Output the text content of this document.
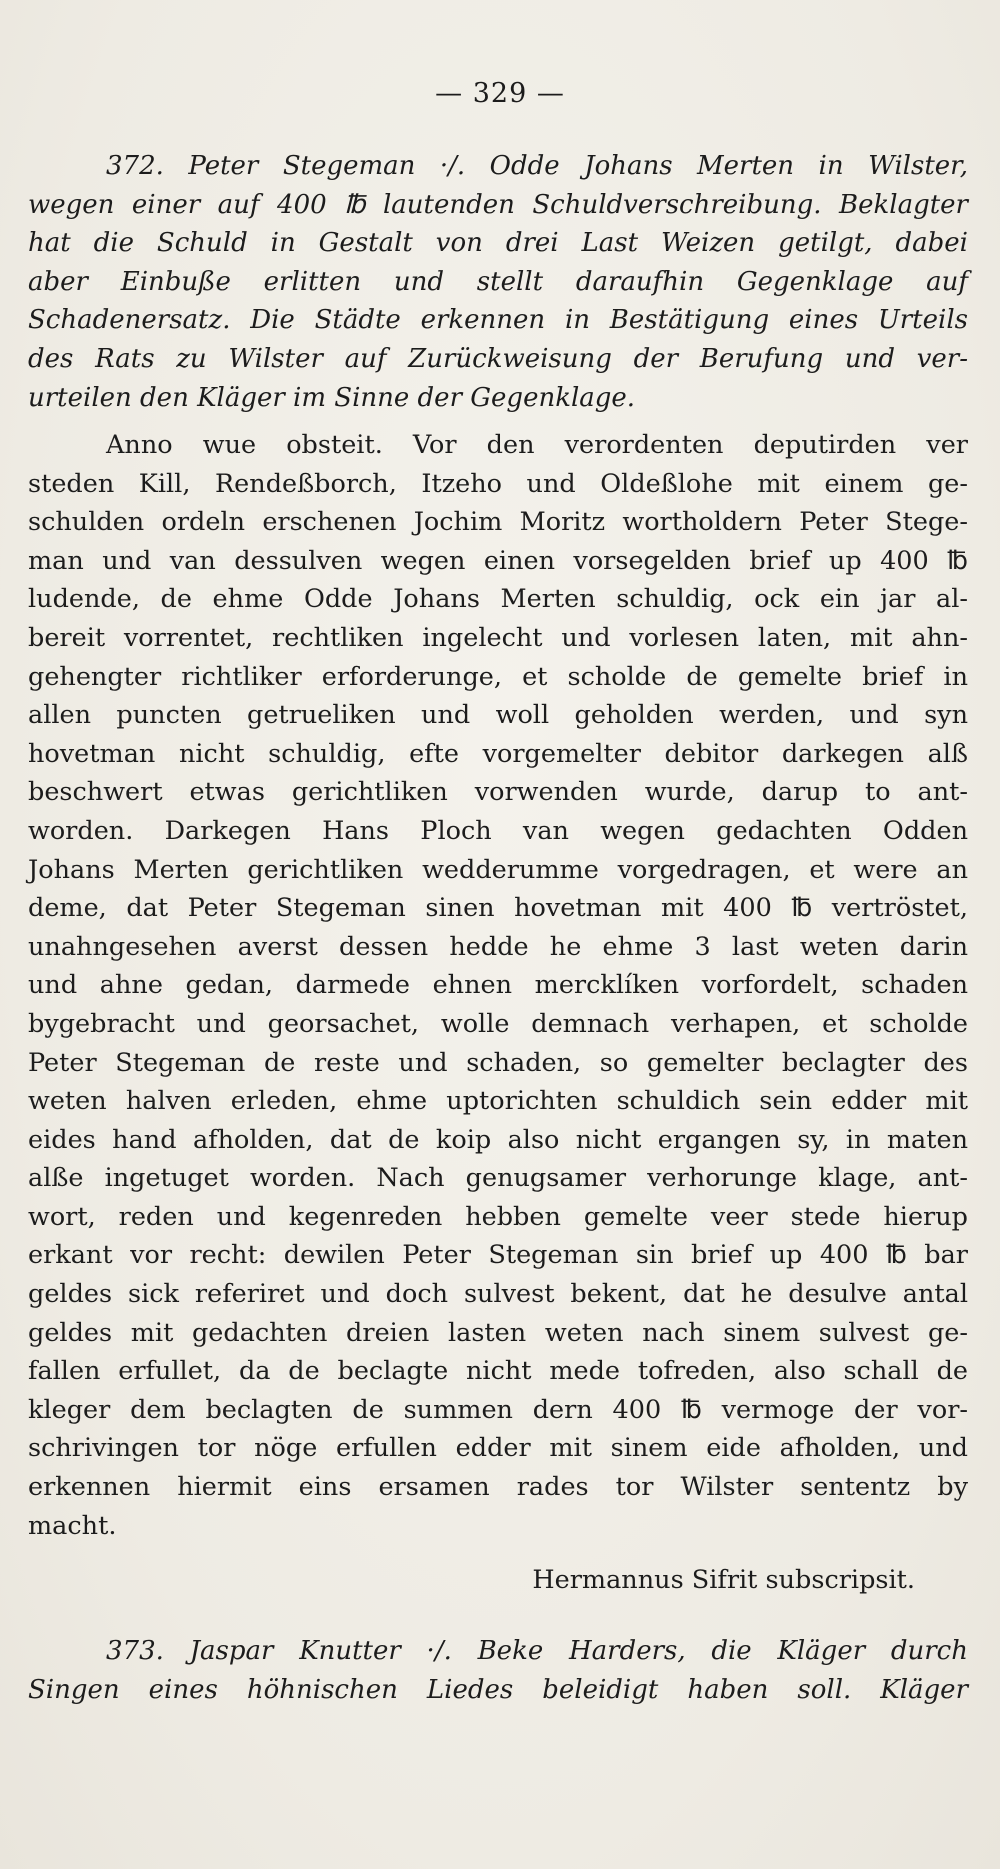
— 329 —
372. Peter Stegeman ·/. Odde Johans Merten in Wilster,
wegen einer auf 400 ℔ lautenden Schuldverschreibung. Beklagter
hat die Schuld in Gestalt von drei Last Weizen getilgt, dabei
aber Einbuße erlitten und stellt daraufhin Gegenklage auf
Schadenersatz. Die Städte erkennen in Bestätigung eines Urteils
des Rats zu Wilster auf Zurückweisung der Berufung und ver-
urteilen den Kläger im Sinne der Gegenklage.
Anno wue obsteit. Vor den verordenten deputirden ver
steden Kill, Rendeßborch, Itzeho und Oldeßlohe mit einem ge-
schulden ordeln erschenen Jochim Moritz wortholdern Peter Stege-
man und van dessulven wegen einen vorsegelden brief up 400 ℔
ludende, de ehme Odde Johans Merten schuldig, ock ein jar al-
bereit vorrentet, rechtliken ingelecht und vorlesen laten, mit ahn-
gehengter richtliker erforderunge, et scholde de gemelte brief in
allen puncten getrueliken und woll geholden werden, und syn
hovetman nicht schuldig, efte vorgemelter debitor darkegen alß
beschwert etwas gerichtliken vorwenden wurde, darup to ant-
worden. Darkegen Hans Ploch van wegen gedachten Odden
Johans Merten gerichtliken wedderumme vorgedragen, et were an
deme, dat Peter Stegeman sinen hovetman mit 400 ℔ vertröstet,
unahngesehen averst dessen hedde he ehme 3 last weten darin
und ahne gedan, darmede ehnen mercklíken vorfordelt, schaden
bygebracht und georsachet, wolle demnach verhapen, et scholde
Peter Stegeman de reste und schaden, so gemelter beclagter des
weten halven erleden, ehme uptorichten schuldich sein edder mit
eides hand afholden, dat de koip also nicht ergangen sy, in maten
alße ingetuget worden. Nach genugsamer verhorunge klage, ant-
wort, reden und kegenreden hebben gemelte veer stede hierup
erkant vor recht: dewilen Peter Stegeman sin brief up 400 ℔ bar
geldes sick referiret und doch sulvest bekent, dat he desulve antal
geldes mit gedachten dreien lasten weten nach sinem sulvest ge-
fallen erfullet, da de beclagte nicht mede tofreden, also schall de
kleger dem beclagten de summen dern 400 ℔ vermoge der vor-
schrivingen tor nöge erfullen edder mit sinem eide afholden, und
erkennen hiermit eins ersamen rades tor Wilster sententz by
macht.
Hermannus Sifrit subscripsit.
373. Jaspar Knutter ·/. Beke Harders, die Kläger durch
Singen eines höhnischen Liedes beleidigt haben soll. Kläger
